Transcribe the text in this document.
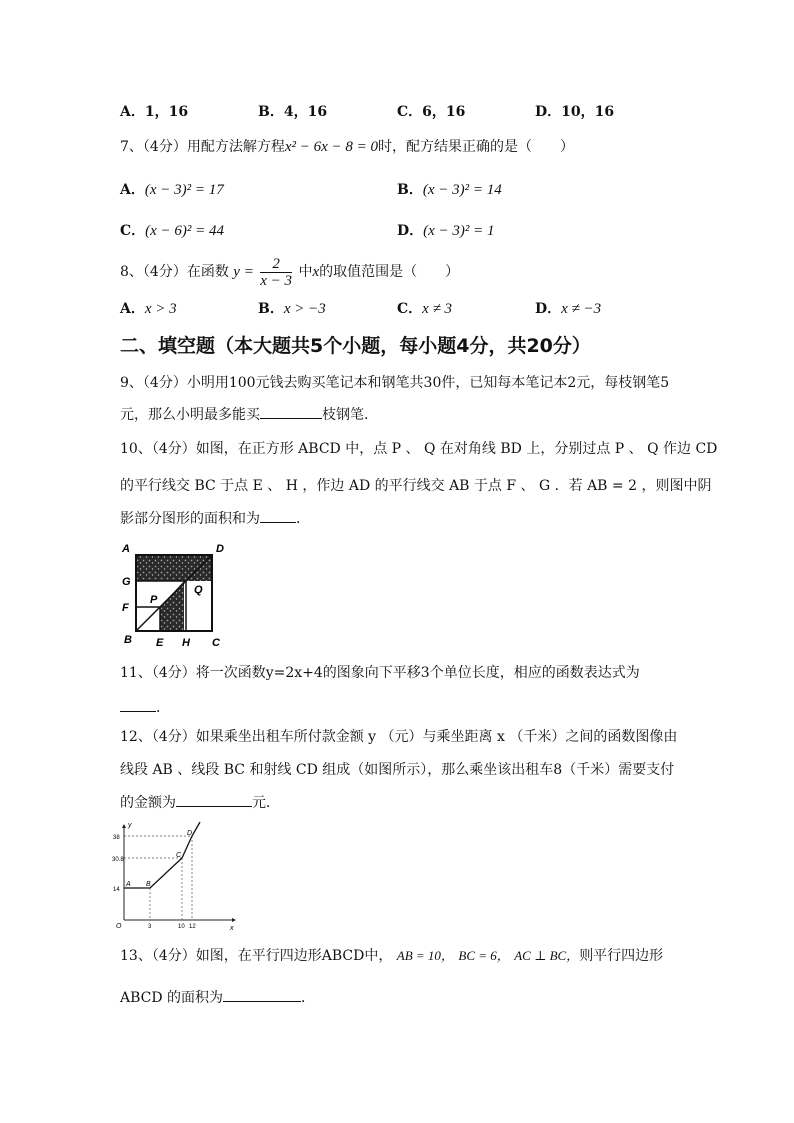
A．1，16	B．4，16	C．6，16	D．10，16
7、（4分）用配方法解方程x² − 6x − 8 = 0时，配方结果正确的是（　　）
A．(x − 3)² = 17	B．(x − 3)² = 14
C．(x − 6)² = 44	D．(x − 3)² = 1
8、（4分）在函数 $y = \frac{2}{x - 3}$ 中x的取值范围是（　　）
A．x > 3	B．x > −3	C．x ≠ 3	D．x ≠ −3
二、填空题（本大题共5个小题，每小题4分，共20分）
9、（4分）小明用100元钱去购买笔记本和钢笔共30件，已知每本笔记本2元，每枝钢笔5
元，那么小明最多能买	枝钢笔．
10、（4分）如图，在正方形 ABCD 中，点 P 、 Q 在对角线 BD 上，分别过点 P 、 Q 作边 CD
的平行线交 BC 于点 E 、 H ，作边 AD 的平行线交 AB 于点 F 、 G ．若 AB = 2 ，则图中阴
影部分图形的面积和为	．
A	D
G
Q
F
P
B E H C
11、（4分）将一次函数y=2x+4的图象向下平移3个单位长度，相应的函数表达式为
．
12、（4分）如果乘坐出租车所付款金额 y （元）与乘坐距离 x （千米）之间的函数图像由
线段 AB 、线段 BC 和射线 CD 组成（如图所示），那么乘坐该出租车8（千米）需要支付
的金额为	元．
y
x
O
38
30.8
14
3	10 12
A B
C
D
13、（4分）如图，在平行四边形ABCD中， AB = 10， BC = 6， AC ⊥ BC，则平行四边形
ABCD 的面积为	．
